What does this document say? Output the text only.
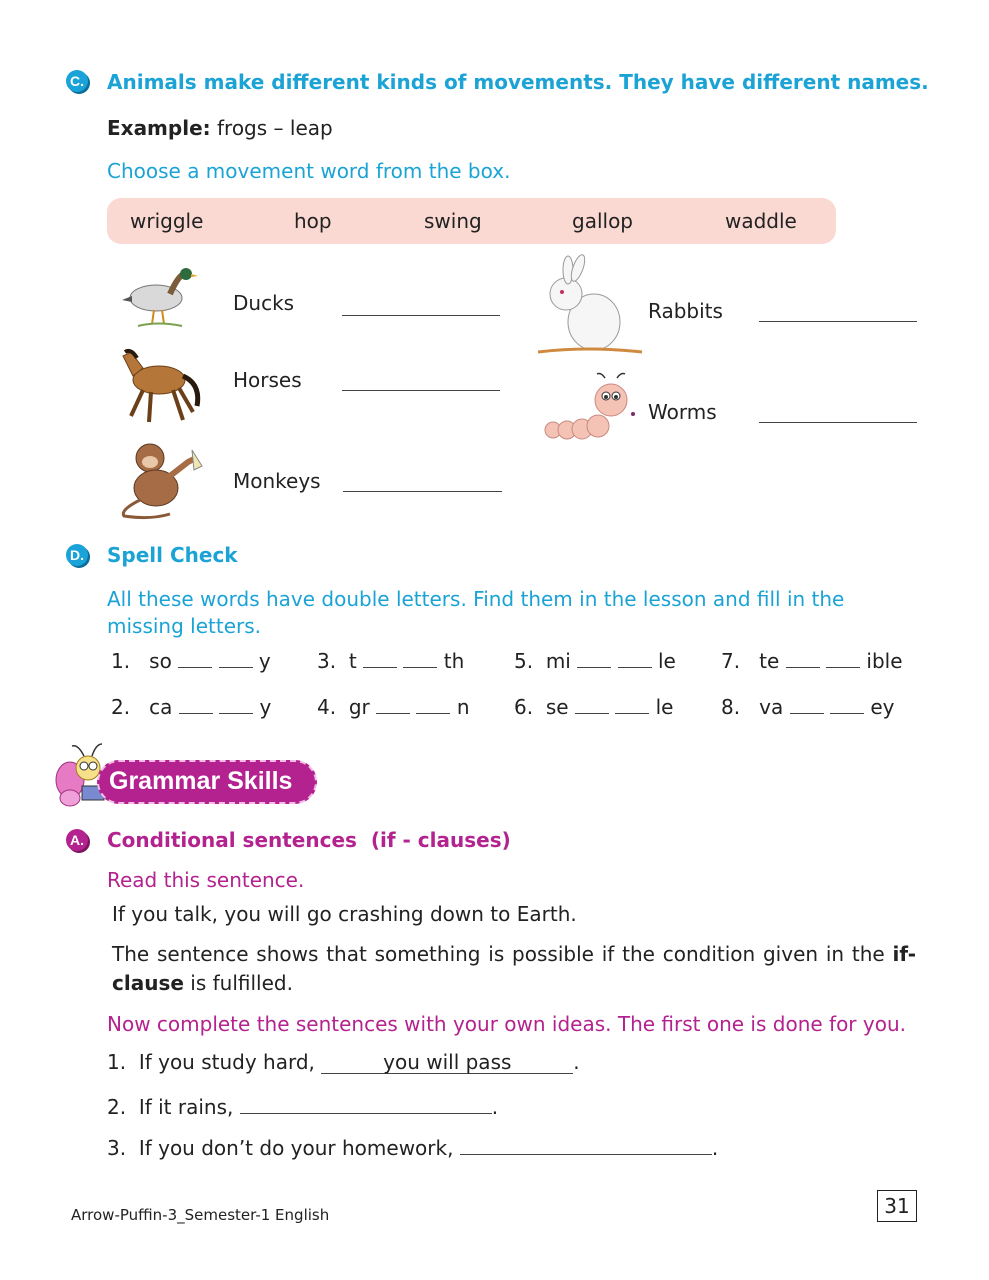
C. Animals make different kinds of movements. They have different names.
Example: frogs – leap
Choose a movement word from the box.
wriggle	hop	swing	gallop	waddle
Ducks
Horses
Monkeys
Rabbits
Worms
D. Spell Check
All these words have double letters. Find them in the lesson and fill in the missing letters.
1. so	y 3. t	th 5. mi	le 7. te	ible
2. ca	y 4. gr	n 6. se	le 8. va	ey
Grammar Skills
A. Conditional sentences  (if - clauses)
Read this sentence.
If you talk, you will go crashing down to Earth.
The sentence shows that something is possible if the condition given in the if-clause is fulfilled.
Now complete the sentences with your own ideas. The first one is done for you.
1. If you study hard,	you will pass	.
2. If it rains,	.
3. If you don’t do your homework,	.
Arrow-Puffin-3_Semester-1 English	31
